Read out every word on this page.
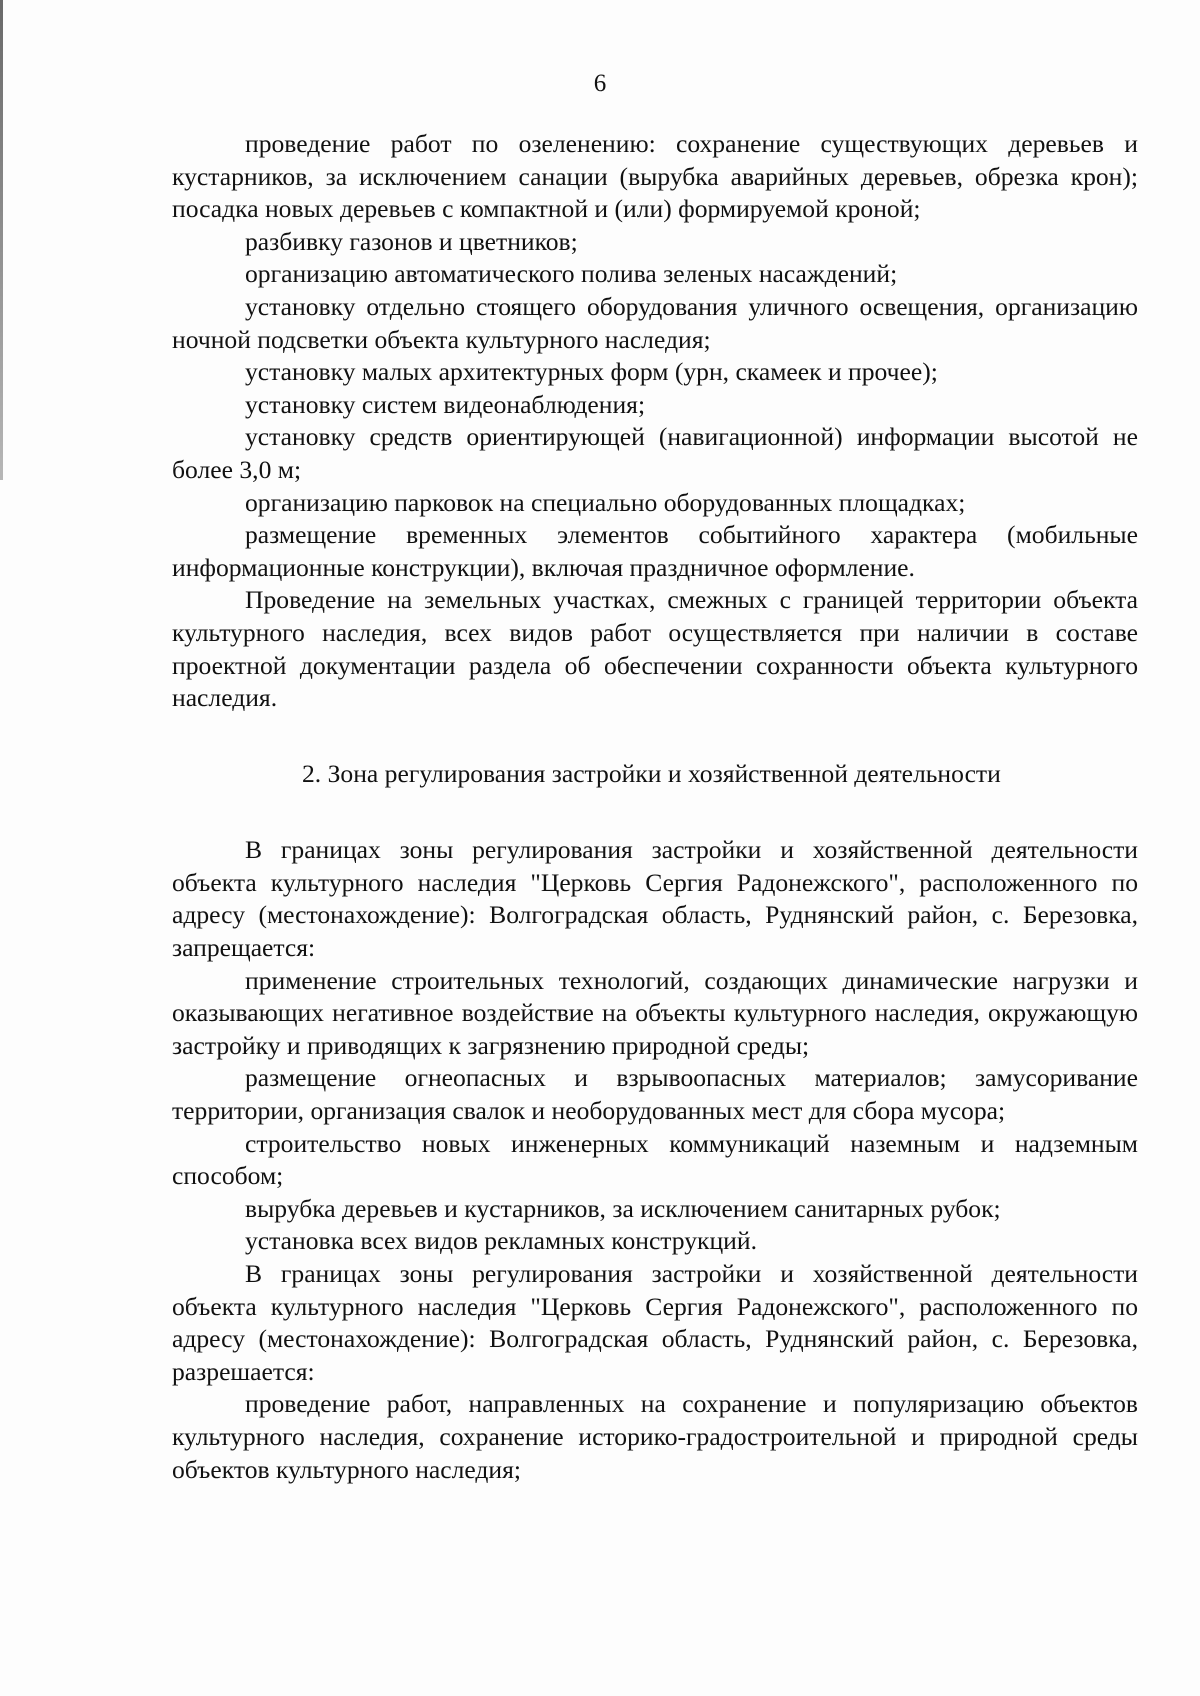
6

проведение работ по озеленению: сохранение существующих деревьев и кустарников, за исключением санации (вырубка аварийных деревьев, обрезка крон); посадка новых деревьев с компактной и (или) формируемой кроной;

разбивку газонов и цветников;

организацию автоматического полива зеленых насаждений;

установку отдельно стоящего оборудования уличного освещения, организацию ночной подсветки объекта культурного наследия;

установку малых архитектурных форм (урн, скамеек и прочее);

установку систем видеонаблюдения;

установку средств ориентирующей (навигационной) информации высотой не более 3,0 м;

организацию парковок на специально оборудованных площадках;

размещение временных элементов событийного характера (мобильные информационные конструкции), включая праздничное оформление.

Проведение на земельных участках, смежных с границей территории объекта культурного наследия, всех видов работ осуществляется при наличии в составе проектной документации раздела об обеспечении сохранности объекта культурного наследия.

2. Зона регулирования застройки и хозяйственной деятельности

В границах зоны регулирования застройки и хозяйственной деятельности объекта культурного наследия "Церковь Сергия Радонежского", расположенного по адресу (местонахождение): Волгоградская область, Руднянский район, с. Березовка, запрещается:

применение строительных технологий, создающих динамические нагрузки и оказывающих негативное воздействие на объекты культурного наследия, окружающую застройку и приводящих к загрязнению природной среды;

размещение огнеопасных и взрывоопасных материалов; замусоривание территории, организация свалок и необорудованных мест для сбора мусора;

строительство новых инженерных коммуникаций наземным и надземным способом;

вырубка деревьев и кустарников, за исключением санитарных рубок;

установка всех видов рекламных конструкций.

В границах зоны регулирования застройки и хозяйственной деятельности объекта культурного наследия "Церковь Сергия Радонежского", расположенного по адресу (местонахождение): Волгоградская область, Руднянский район, с. Березовка, разрешается:

проведение работ, направленных на сохранение и популяризацию объектов культурного наследия, сохранение историко-градостроительной и природной среды объектов культурного наследия;
